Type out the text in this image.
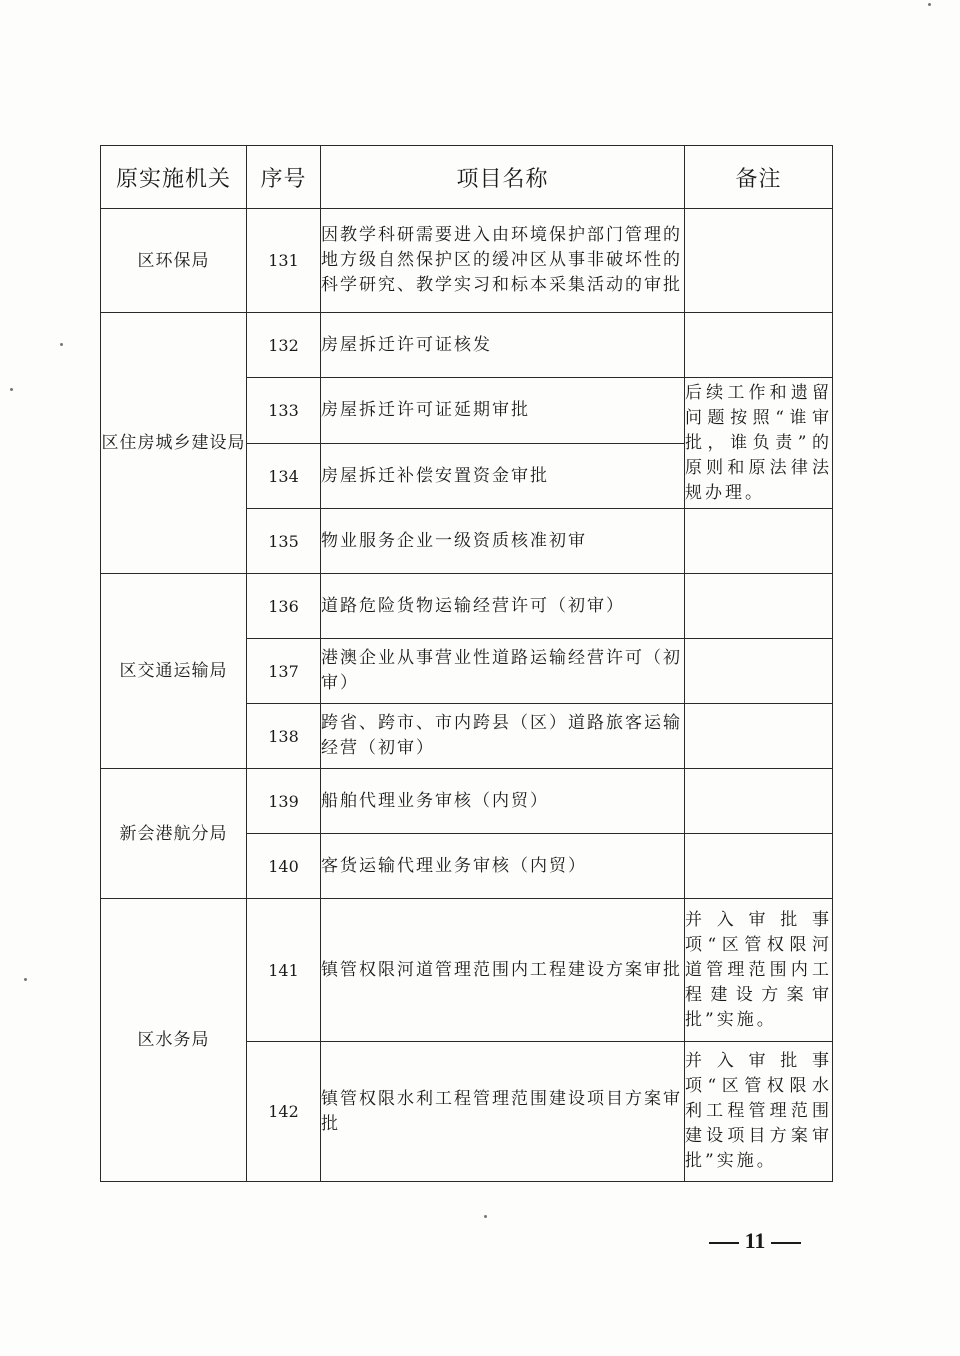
原实施机关	序号	项目名称	备注
区环保局	131	因教学科研需要进入由环境保护部门管理的地方级自然保护区的缓冲区从事非破坏性的科学研究、教学实习和标本采集活动的审批	
区住房城乡建设局	132	房屋拆迁许可证核发	
	133	房屋拆迁许可证延期审批	后续工作和遗留问题按照“谁审批，谁负责”的原则和原法律法规办理。
	134	房屋拆迁补偿安置资金审批	
	135	物业服务企业一级资质核准初审	
区交通运输局	136	道路危险货物运输经营许可（初审）	
	137	港澳企业从事营业性道路运输经营许可（初审）	
	138	跨省、跨市、市内跨县（区）道路旅客运输经营（初审）	
新会港航分局	139	船舶代理业务审核（内贸）	
	140	客货运输代理业务审核（内贸）	
区水务局	141	镇管权限河道管理范围内工程建设方案审批	并入审批事项“区管权限河道管理范围内工程建设方案审批”实施。
	142	镇管权限水利工程管理范围建设项目方案审批	并入审批事项“区管权限水利工程管理范围建设项目方案审批”实施。
11
